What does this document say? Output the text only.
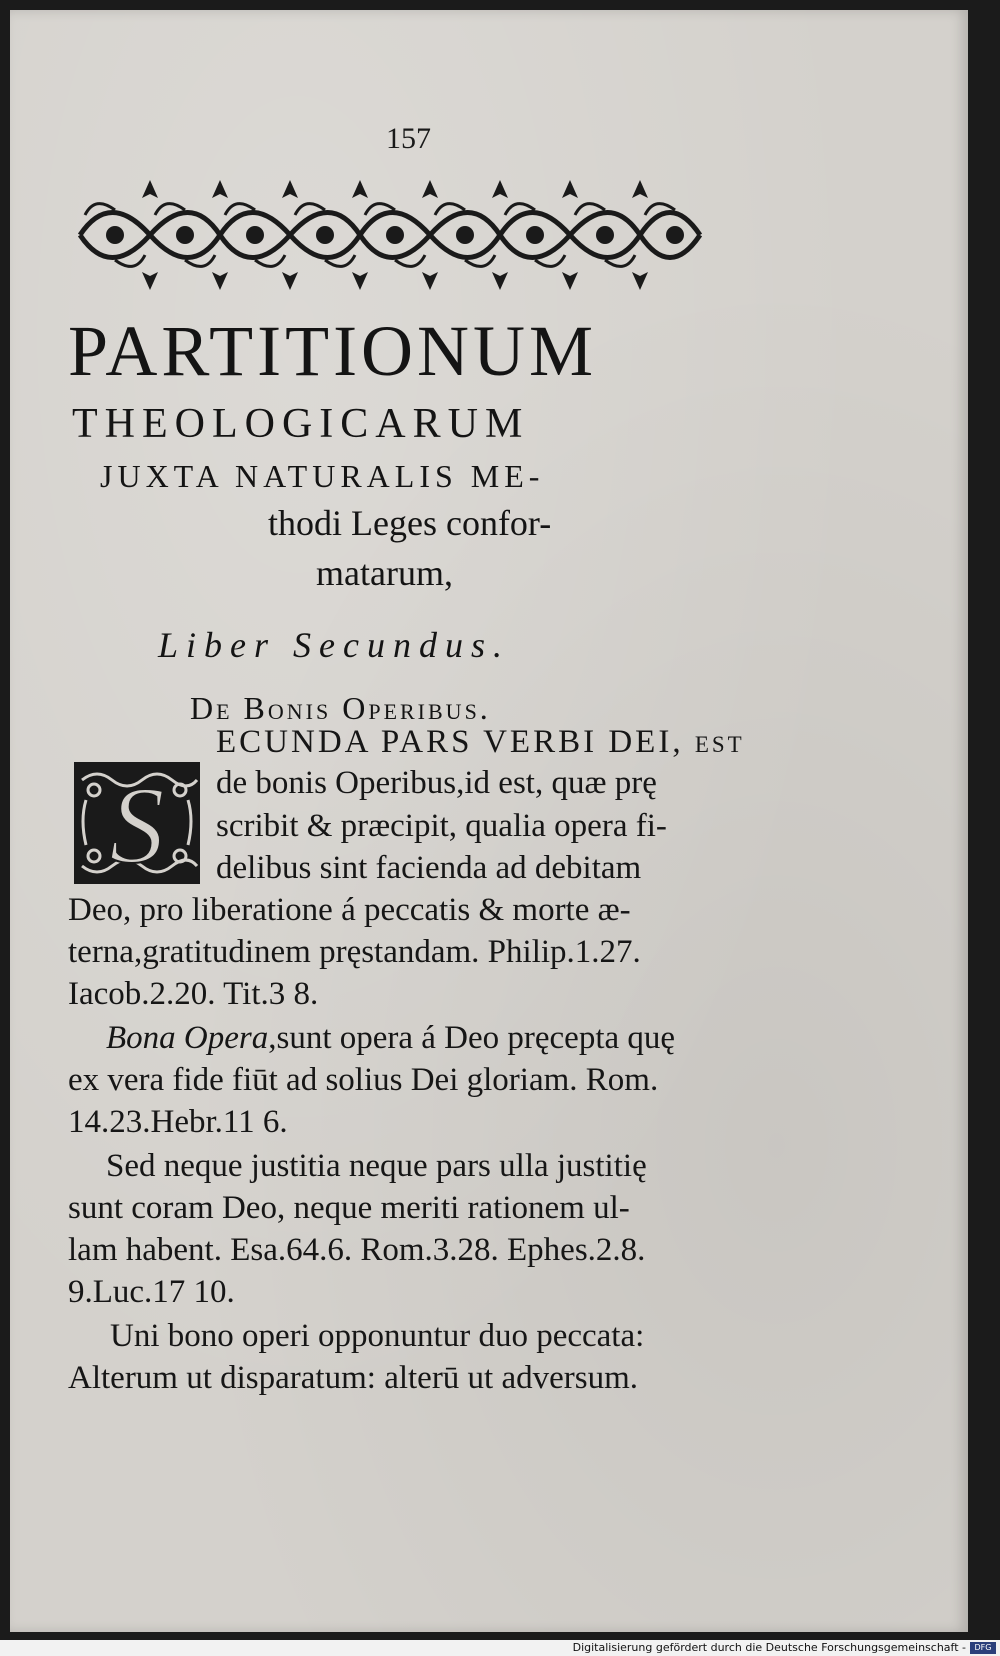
157
PARTITIONUM
THEOLOGICARUM
JUXTA NATURALIS ME-
thodi Leges confor-
matarum,
Liber Secundus.
De Bonis Operibus.
S
ECUNDA PARS VERBI DEI, est
de bonis Operibus,id est, quæ prę
scribit & præcipit, qualia opera fi-
delibus sint facienda ad debitam
Deo, pro liberatione á peccatis & morte æ-
terna,gratitudinem pręstandam. Philip.1.27.
Iacob.2.20. Tit.3 8.
Bona Opera,sunt opera á Deo pręcepta quę
ex vera fide fiūt ad solius Dei gloriam. Rom.
14.23.Hebr.11 6.
Sed neque justitia neque pars ulla justitię
sunt coram Deo, neque meriti rationem ul-
lam habent. Esa.64.6. Rom.3.28. Ephes.2.8.
9.Luc.17 10.
Uni bono operi opponuntur duo peccata:
Alterum ut disparatum: alterū ut adversum.
Digitalisierung gefördert durch die Deutsche Forschungsgemeinschaft -	DFG
